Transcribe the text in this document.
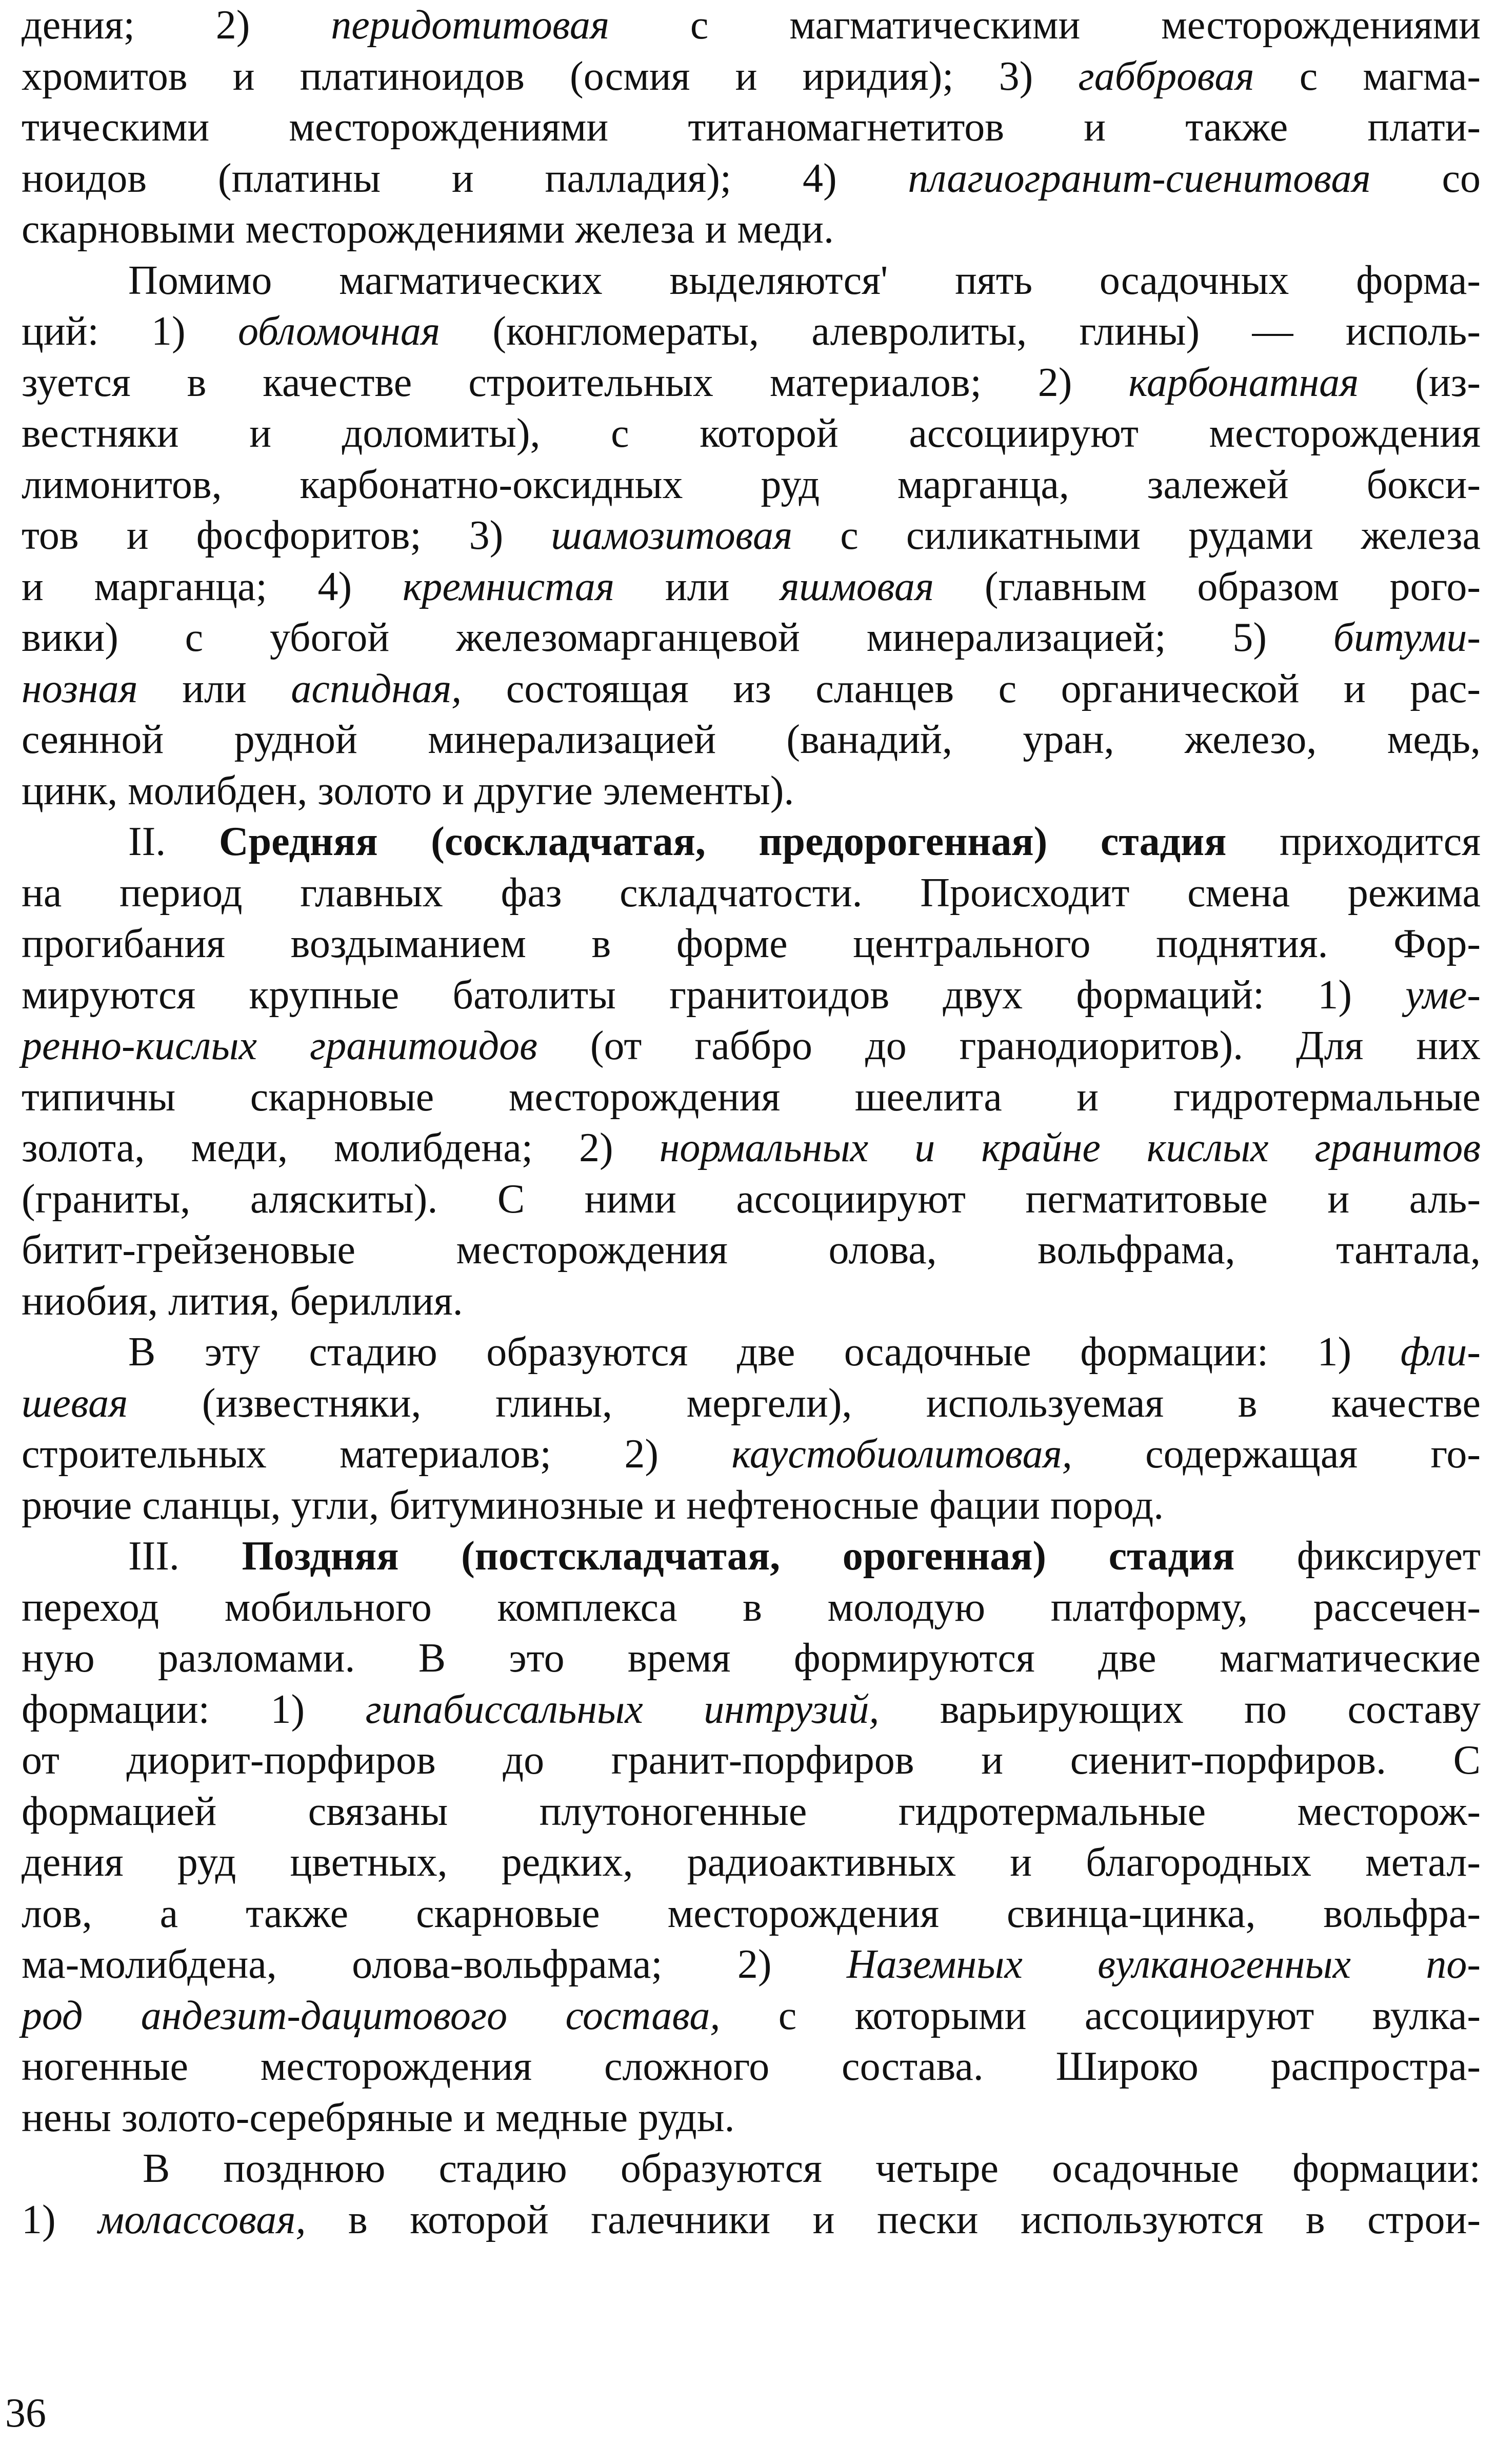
дения; 2) перидотитовая с магматическими месторождениями
хромитов и платиноидов (осмия и иридия); 3) габбровая с магма-
тическими месторождениями титаномагнетитов и также плати-
ноидов (платины и палладия); 4) плагиогранит-сиенитовая со
скарновыми месторождениями железа и меди.

Помимо магматических выделяются' пять осадочных форма-
ций: 1) обломочная (конгломераты, алевролиты, глины) — исполь-
зуется в качестве строительных материалов; 2) карбонатная (из-
вестняки и доломиты), с которой ассоциируют месторождения
лимонитов, карбонатно-оксидных руд марганца, залежей бокси-
тов и фосфоритов; 3) шамозитовая с силикатными рудами железа
и марганца; 4) кремнистая или яшмовая (главным образом рого-
вики) с убогой железомарганцевой минерализацией; 5) битуми-
нозная или аспидная, состоящая из сланцев с органической и рас-
сеянной рудной минерализацией (ванадий, уран, железо, медь,
цинк, молибден, золото и другие элементы).

II. Средняя (соскладчатая, предорогенная) стадия приходится
на период главных фаз складчатости. Происходит смена режима
прогибания воздыманием в форме центрального поднятия. Фор-
мируются крупные батолиты гранитоидов двух формаций: 1) уме-
ренно-кислых гранитоидов (от габбро до гранодиоритов). Для них
типичны скарновые месторождения шеелита и гидротермальные
золота, меди, молибдена; 2) нормальных и крайне кислых гранитов
(граниты, аляскиты). С ними ассоциируют пегматитовые и аль-
битит-грейзеновые месторождения олова, вольфрама, тантала,
ниобия, лития, бериллия.

В эту стадию образуются две осадочные формации: 1) фли-
шевая (известняки, глины, мергели), используемая в качестве
строительных материалов; 2) каустобиолитовая, содержащая го-
рючие сланцы, угли, битуминозные и нефтеносные фации пород.

III. Поздняя (постскладчатая, орогенная) стадия фиксирует
переход мобильного комплекса в молодую платформу, рассечен-
ную разломами. В это время формируются две магматические
формации: 1) гипабиссальных интрузий, варьирующих по составу
от диорит-порфиров до гранит-порфиров и сиенит-порфиров. С
формацией связаны плутоногенные гидротермальные месторож-
дения руд цветных, редких, радиоактивных и благородных метал-
лов, а также скарновые месторождения свинца-цинка, вольфра-
ма-молибдена, олова-вольфрама; 2) Наземных вулканогенных по-
род андезит-дацитового состава, с которыми ассоциируют вулка-
ногенные месторождения сложного состава. Широко распростра-
нены золото-серебряные и медные руды.

В позднюю стадию образуются четыре осадочные формации:
1) молассовая, в которой галечники и пески используются в строи-

36
